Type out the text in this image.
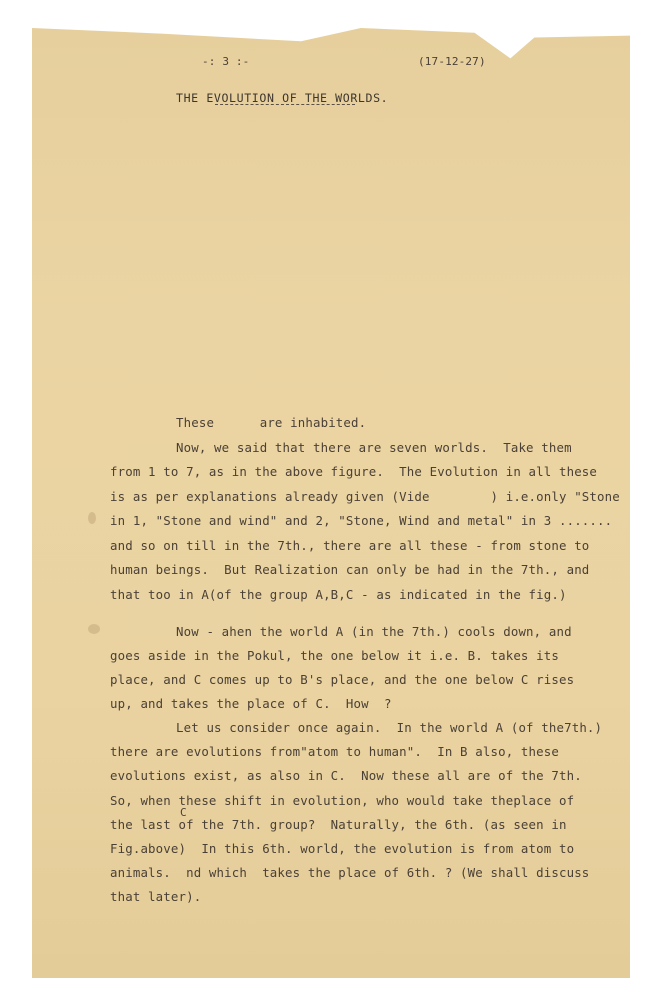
-: 3 :-	(17-12-27)
THE EVOLUTION OF THE WORLDS.
These      are inhabited.
Now, we said that there are seven worlds.  Take them
from 1 to 7, as in the above figure.  The Evolution in all these
is as per explanations already given (Vide        ) i.e.only "Stone
in 1, "Stone and wind" and 2, "Stone, Wind and metal" in 3 .......
and so on till in the 7th., there are all these - from stone to
human beings.  But Realization can only be had in the 7th., and
that too in A(of the group A,B,C - as indicated in the fig.)
Now - ahen the world A (in the 7th.) cools down, and
goes aside in the Pokul, the one below it i.e. B. takes its
place, and C comes up to B's place, and the one below C rises
up, and takes the place of C.  How  ?
Let us consider once again.  In the world A (of the7th.)
there are evolutions from"atom to human".  In B also, these
evolutions exist, as also in C.  Now these all are of the 7th.
So, when these shift in evolution, who would take theplace of
C
the last of the 7th. group?  Naturally, the 6th. (as seen in
Fig.above)  In this 6th. world, the evolution is from atom to
animals.  nd which  takes the place of 6th. ? (We shall discuss
that later).
